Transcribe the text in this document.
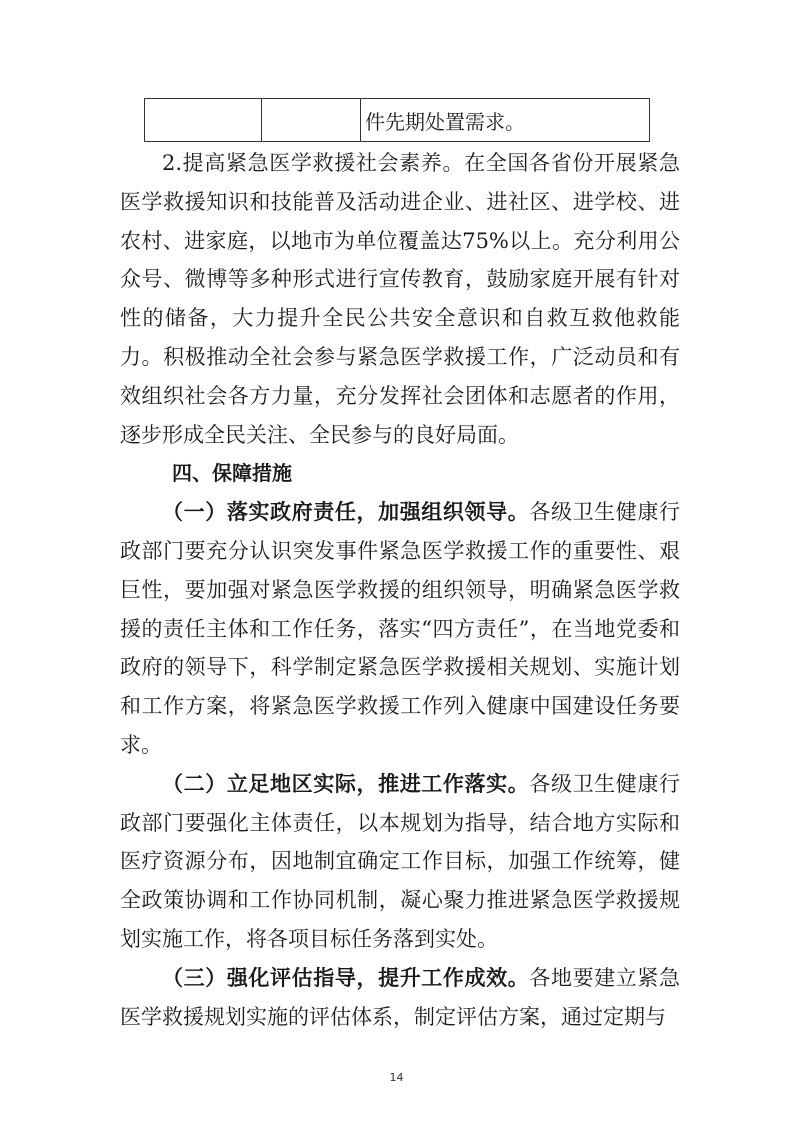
		件先期处置需求。

2.提高紧急医学救援社会素养。在全国各省份开展紧急医学救援知识和技能普及活动进企业、进社区、进学校、进农村、进家庭，以地市为单位覆盖达75%以上。充分利用公众号、微博等多种形式进行宣传教育，鼓励家庭开展有针对性的储备，大力提升全民公共安全意识和自救互救他救能力。积极推动全社会参与紧急医学救援工作，广泛动员和有效组织社会各方力量，充分发挥社会团体和志愿者的作用，逐步形成全民关注、全民参与的良好局面。

四、保障措施

（一）落实政府责任，加强组织领导。各级卫生健康行政部门要充分认识突发事件紧急医学救援工作的重要性、艰巨性，要加强对紧急医学救援的组织领导，明确紧急医学救援的责任主体和工作任务，落实“四方责任”，在当地党委和政府的领导下，科学制定紧急医学救援相关规划、实施计划和工作方案，将紧急医学救援工作列入健康中国建设任务要求。

（二）立足地区实际，推进工作落实。各级卫生健康行政部门要强化主体责任，以本规划为指导，结合地方实际和医疗资源分布，因地制宜确定工作目标，加强工作统筹，健全政策协调和工作协同机制，凝心聚力推进紧急医学救援规划实施工作，将各项目标任务落到实处。

（三）强化评估指导，提升工作成效。各地要建立紧急医学救援规划实施的评估体系，制定评估方案，通过定期与

14
